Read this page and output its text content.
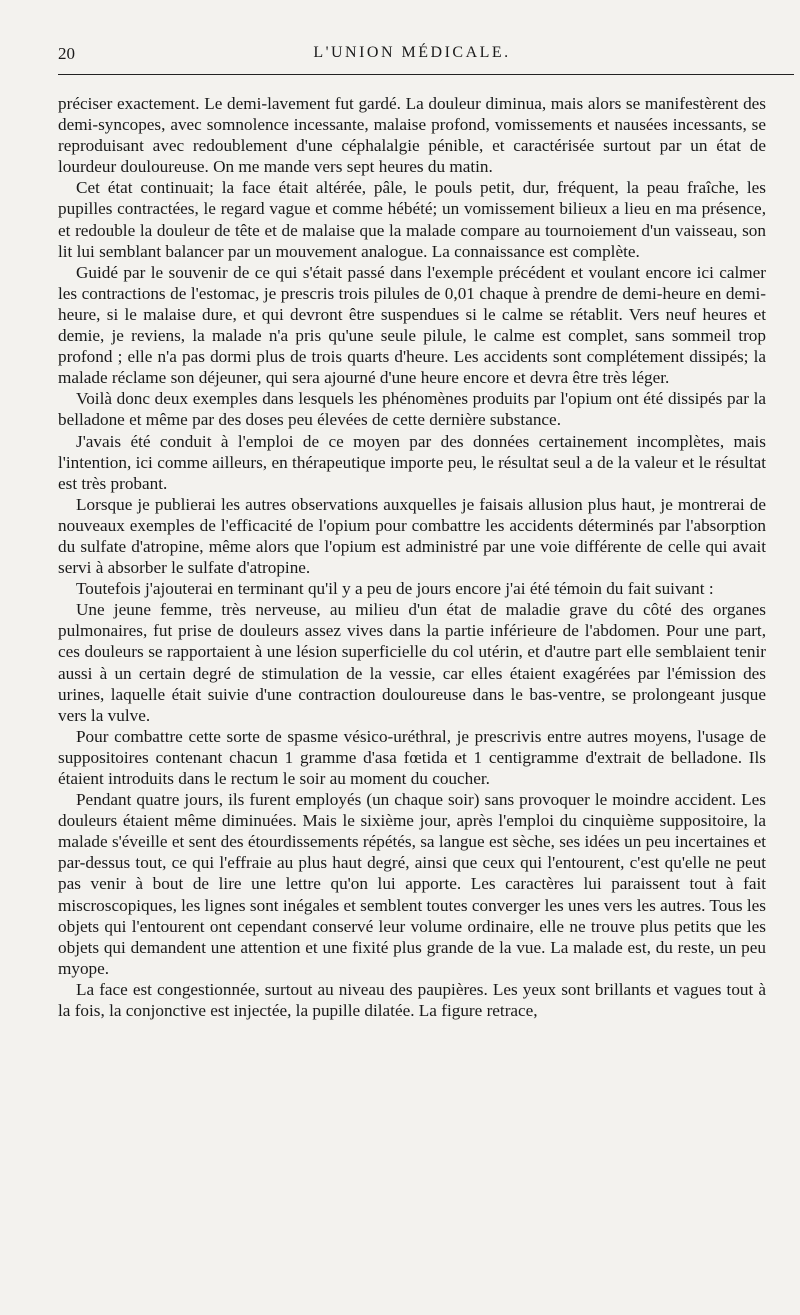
20	L'UNION MÉDICALE.

préciser exactement. Le demi-lavement fut gardé. La douleur diminua, mais alors se manifestèrent des demi-syncopes, avec somnolence incessante, malaise profond, vomissements et nausées incessants, se reproduisant avec redoublement d'une céphalalgie pénible, et caractérisée surtout par un état de lourdeur douloureuse. On me mande vers sept heures du matin.

Cet état continuait; la face était altérée, pâle, le pouls petit, dur, fréquent, la peau fraîche, les pupilles contractées, le regard vague et comme hébété; un vomissement bilieux a lieu en ma présence, et redouble la douleur de tête et de malaise que la malade compare au tournoiement d'un vaisseau, son lit lui semblant balancer par un mouvement analogue. La connaissance est complète.

Guidé par le souvenir de ce qui s'était passé dans l'exemple précédent et voulant encore ici calmer les contractions de l'estomac, je prescris trois pilules de 0,01 chaque à prendre de demi-heure en demi-heure, si le malaise dure, et qui devront être suspendues si le calme se rétablit. Vers neuf heures et demie, je reviens, la malade n'a pris qu'une seule pilule, le calme est complet, sans sommeil trop profond ; elle n'a pas dormi plus de trois quarts d'heure. Les accidents sont complétement dissipés; la malade réclame son déjeuner, qui sera ajourné d'une heure encore et devra être très léger.

Voilà donc deux exemples dans lesquels les phénomènes produits par l'opium ont été dissipés par la belladone et même par des doses peu élevées de cette dernière substance.

J'avais été conduit à l'emploi de ce moyen par des données certainement incomplètes, mais l'intention, ici comme ailleurs, en thérapeutique importe peu, le résultat seul a de la valeur et le résultat est très probant.

Lorsque je publierai les autres observations auxquelles je faisais allusion plus haut, je montrerai de nouveaux exemples de l'efficacité de l'opium pour combattre les accidents déterminés par l'absorption du sulfate d'atropine, même alors que l'opium est administré par une voie différente de celle qui avait servi à absorber le sulfate d'atropine.

Toutefois j'ajouterai en terminant qu'il y a peu de jours encore j'ai été témoin du fait suivant :

Une jeune femme, très nerveuse, au milieu d'un état de maladie grave du côté des organes pulmonaires, fut prise de douleurs assez vives dans la partie inférieure de l'abdomen. Pour une part, ces douleurs se rapportaient à une lésion superficielle du col utérin, et d'autre part elle semblaient tenir aussi à un certain degré de stimulation de la vessie, car elles étaient exagérées par l'émission des urines, laquelle était suivie d'une contraction douloureuse dans le bas-ventre, se prolongeant jusque vers la vulve.

Pour combattre cette sorte de spasme vésico-uréthral, je prescrivis entre autres moyens, l'usage de suppositoires contenant chacun 1 gramme d'asa fœtida et 1 centigramme d'extrait de belladone. Ils étaient introduits dans le rectum le soir au moment du coucher.

Pendant quatre jours, ils furent employés (un chaque soir) sans provoquer le moindre accident. Les douleurs étaient même diminuées. Mais le sixième jour, après l'emploi du cinquième suppositoire, la malade s'éveille et sent des étourdissements répétés, sa langue est sèche, ses idées un peu incertaines et par-dessus tout, ce qui l'effraie au plus haut degré, ainsi que ceux qui l'entourent, c'est qu'elle ne peut pas venir à bout de lire une lettre qu'on lui apporte. Les caractères lui paraissent tout à fait miscroscopiques, les lignes sont inégales et semblent toutes converger les unes vers les autres. Tous les objets qui l'entourent ont cependant conservé leur volume ordinaire, elle ne trouve plus petits que les objets qui demandent une attention et une fixité plus grande de la vue. La malade est, du reste, un peu myope.

La face est congestionnée, surtout au niveau des paupières. Les yeux sont brillants et vagues tout à la fois, la conjonctive est injectée, la pupille dilatée. La figure retrace,
